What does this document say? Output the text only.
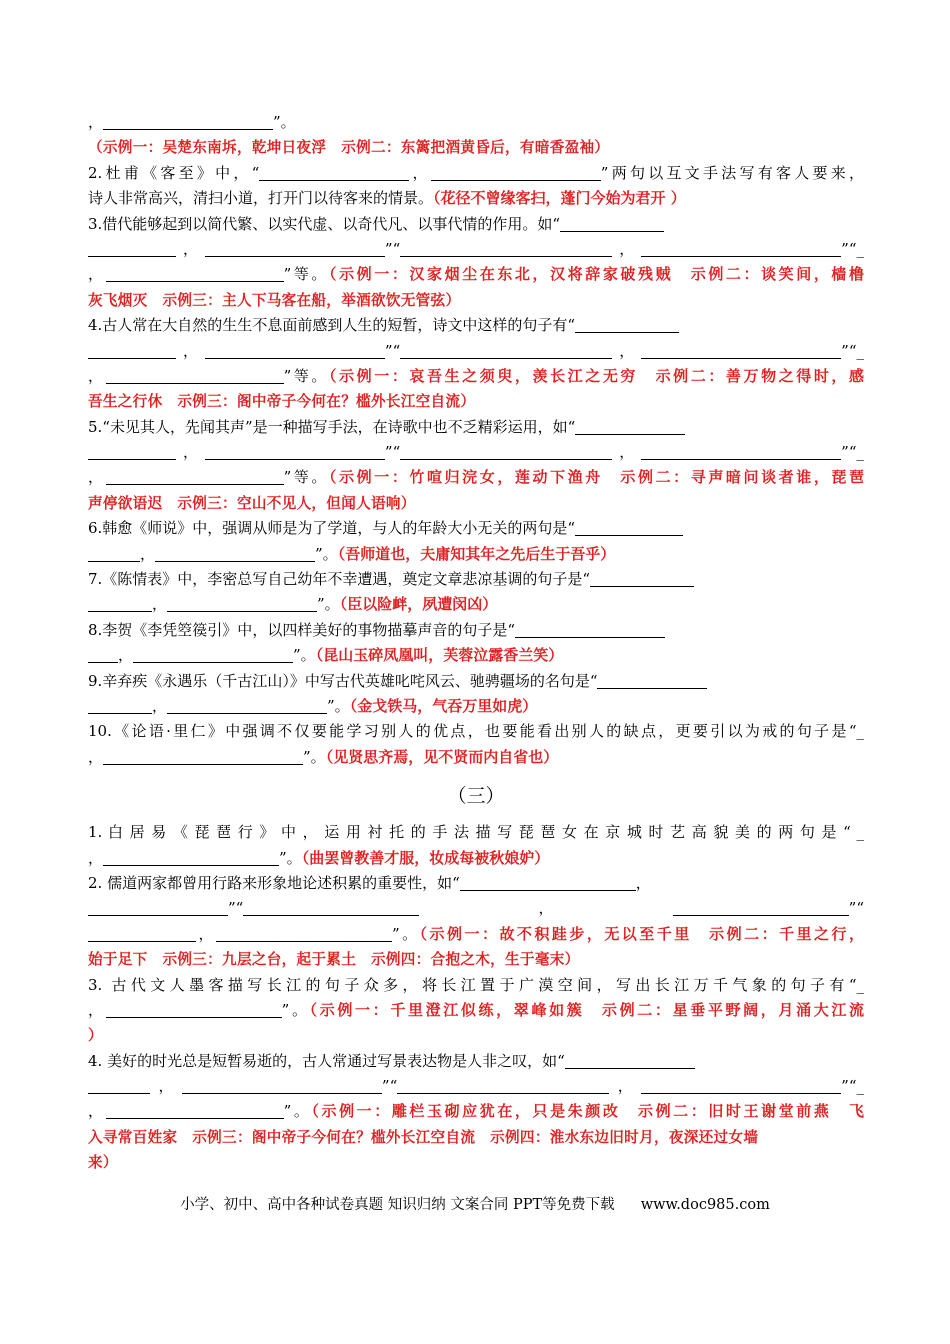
，	”。
（示例一：吴楚东南坼，乾坤日夜浮　示例二：东篱把酒黄昏后，有暗香盈袖）
2.杜甫《客至》中，“	，	”两句以互文手法写有客人要来，
诗人非常高兴，清扫小道，打开门以待客来的情景。（花径不曾缘客扫，蓬门今始为君开 ）
3.借代能够起到以简代繁、以实代虚、以奇代凡、以事代情的作用。如“
，	”“	，	”“_
，	”等。（示例一：汉家烟尘在东北，汉将辞家破残贼　示例二：谈笑间，樯橹
灰飞烟灭　示例三：主人下马客在船，举酒欲饮无管弦）
4.古人常在大自然的生生不息面前感到人生的短暂，诗文中这样的句子有“
，	”“	，	”“_
，	”等。（示例一：哀吾生之须臾，羡长江之无穷　示例二：善万物之得时，感
吾生之行休　示例三：阁中帝子今何在？槛外长江空自流）
5.“未见其人，先闻其声”是一种描写手法，在诗歌中也不乏精彩运用，如“
，	”“	，	”“_
，	”等。（示例一：竹喧归浣女，莲动下渔舟　示例二：寻声暗问谈者谁，琵琶
声停欲语迟　示例三：空山不见人，但闻人语响）
6.韩愈《师说》中，强调从师是为了学道，与人的年龄大小无关的两句是“
，	”。（吾师道也，夫庸知其年之先后生于吾乎）
7.《陈情表》中，李密总写自己幼年不幸遭遇，奠定文章悲凉基调的句子是“
，	”。（臣以险衅，夙遭闵凶）
8.李贺《李凭箜篌引》中，以四样美好的事物描摹声音的句子是“
，	”。（昆山玉碎凤凰叫，芙蓉泣露香兰笑）
9.辛弃疾《永遇乐（千古江山）》中写古代英雄叱咤风云、驰骋疆场的名句是“
，	”。（金戈铁马，气吞万里如虎）
10.《论语·里仁》中强调不仅要能学习别人的优点，也要能看出别人的缺点，更要引以为戒的句子是“_
，	”。（见贤思齐焉，见不贤而内自省也）
（三）
1. 白 居 易 《 琵 琶 行 》 中 ， 运 用 衬 托 的 手 法 描 写 琵 琶 女 在 京 城 时 艺 高 貌 美 的 两 句 是 “ _
，	”。（曲罢曾教善才服，妆成每被秋娘妒）
2. 儒道两家都曾用行路来形象地论述积累的重要性，如“	，
”“	，	”“
，	”。（示例一：故不积跬步，无以至千里　示例二：千里之行，
始于足下　示例三：九层之台，起于累土　示例四：合抱之木，生于毫末）
3. 古代文人墨客描写长江的句子众多，将长江置于广漠空间，写出长江万千气象的句子有“_
，	”。（示例一：千里澄江似练，翠峰如簇　示例二：星垂平野阔，月涌大江流
）
4. 美好的时光总是短暂易逝的，古人常通过写景表达物是人非之叹，如“
，	”“	，	”“_
，	”。（示例一：雕栏玉砌应犹在，只是朱颜改　示例二：旧时王谢堂前燕　飞
入寻常百姓家　示例三：阁中帝子今何在？槛外长江空自流　示例四：淮水东边旧时月，夜深还过女墙
来）
小学、初中、高中各种试卷真题 知识归纳 文案合同 PPT等免费下载 www.doc985.com
